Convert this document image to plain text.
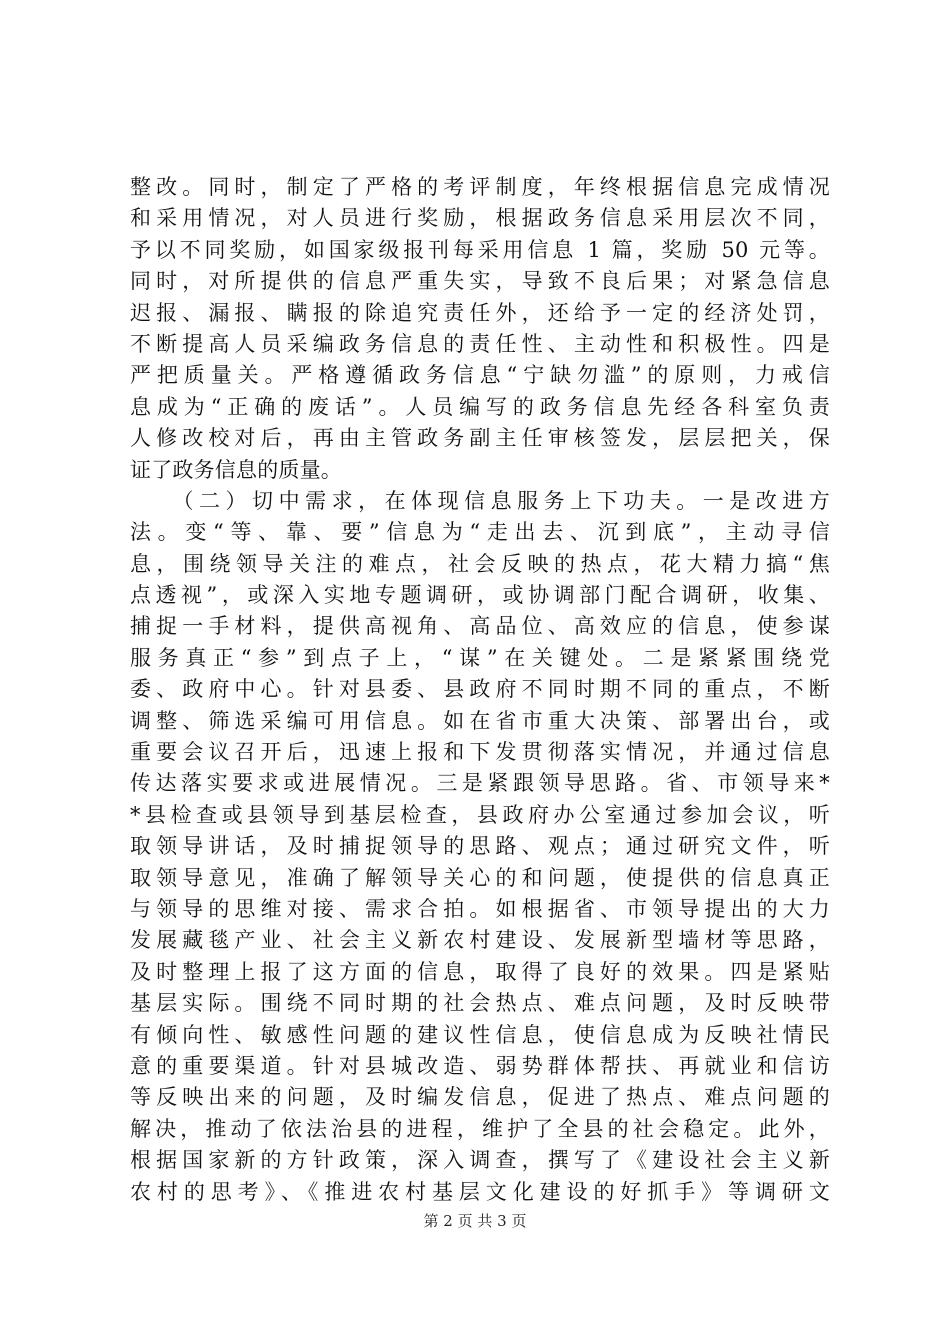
整改。同时，制定了严格的考评制度，年终根据信息完成情况
和采用情况，对人员进行奖励，根据政务信息采用层次不同，
予以不同奖励，如国家级报刊每采用信息 1 篇，奖励 50 元等。
同时，对所提供的信息严重失实，导致不良后果；对紧急信息
迟报、漏报、瞒报的除追究责任外，还给予一定的经济处罚，
不断提高人员采编政务信息的责任性、主动性和积极性。四是
严把质量关。严格遵循政务信息“宁缺勿滥”的原则，力戒信
息成为“正确的废话”。人员编写的政务信息先经各科室负责
人修改校对后，再由主管政务副主任审核签发，层层把关，保
证了政务信息的质量。
　　（二）切中需求，在体现信息服务上下功夫。一是改进方
法。变“等、靠、要”信息为“走出去、沉到底”，主动寻信
息，围绕领导关注的难点，社会反映的热点，花大精力搞“焦
点透视”，或深入实地专题调研，或协调部门配合调研，收集、
捕捉一手材料，提供高视角、高品位、高效应的信息，使参谋
服务真正“参”到点子上，“谋”在关键处。二是紧紧围绕党
委、政府中心。针对县委、县政府不同时期不同的重点，不断
调整、筛选采编可用信息。如在省市重大决策、部署出台，或
重要会议召开后，迅速上报和下发贯彻落实情况，并通过信息
传达落实要求或进展情况。三是紧跟领导思路。省、市领导来*
*县检查或县领导到基层检查，县政府办公室通过参加会议，听
取领导讲话，及时捕捉领导的思路、观点；通过研究文件，听
取领导意见，准确了解领导关心的和问题，使提供的信息真正
与领导的思维对接、需求合拍。如根据省、市领导提出的大力
发展藏毯产业、社会主义新农村建设、发展新型墙材等思路，
及时整理上报了这方面的信息，取得了良好的效果。四是紧贴
基层实际。围绕不同时期的社会热点、难点问题，及时反映带
有倾向性、敏感性问题的建议性信息，使信息成为反映社情民
意的重要渠道。针对县城改造、弱势群体帮扶、再就业和信访
等反映出来的问题，及时编发信息，促进了热点、难点问题的
解决，推动了依法治县的进程，维护了全县的社会稳定。此外，
根据国家新的方针政策，深入调查，撰写了《建设社会主义新
农村的思考》、《推进农村基层文化建设的好抓手》等调研文
第 2 页 共 3 页
